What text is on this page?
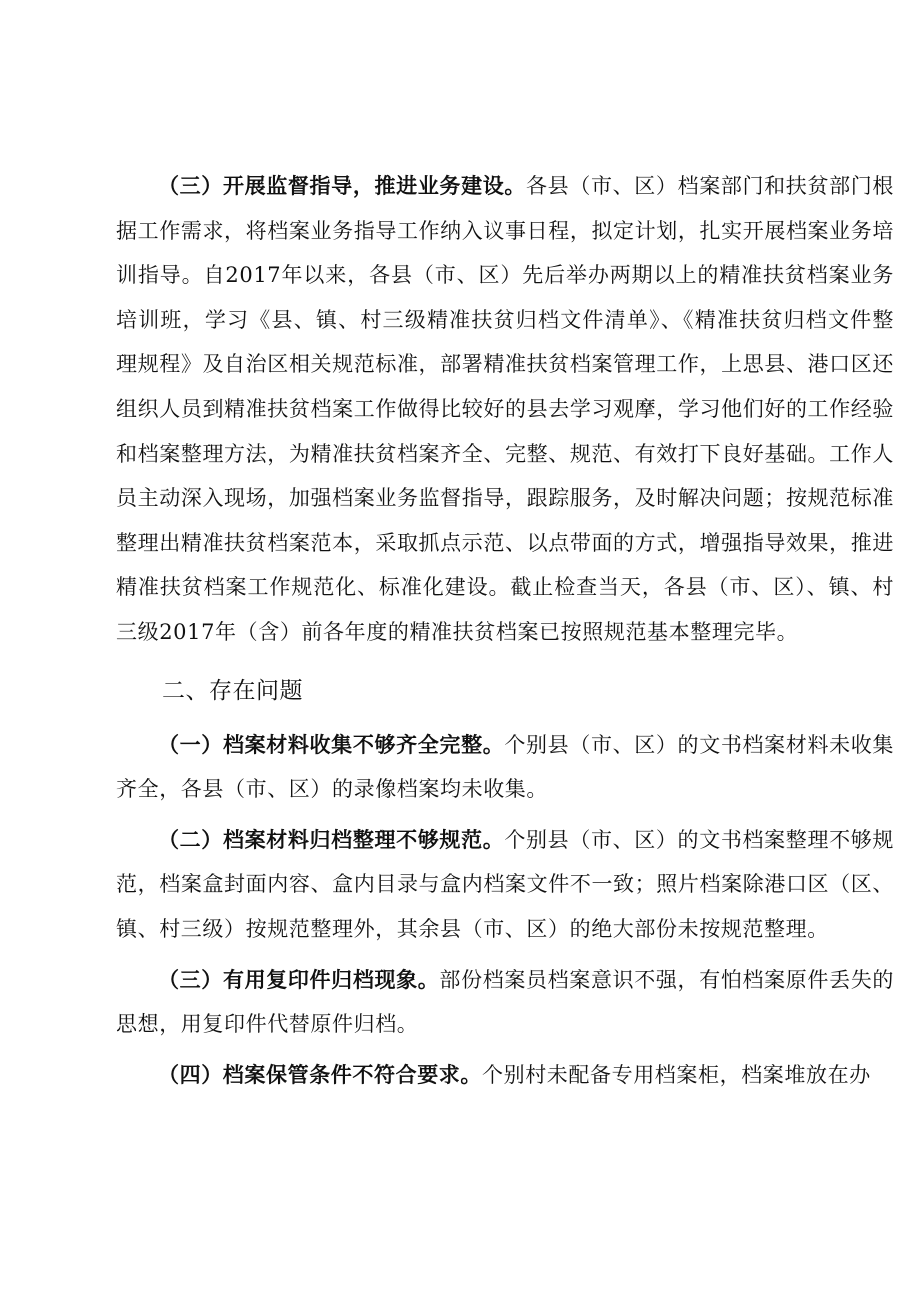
（三）开展监督指导，推进业务建设。各县（市、区）档案部门和扶贫部门根据工作需求，将档案业务指导工作纳入议事日程，拟定计划，扎实开展档案业务培训指导。自2017年以来，各县（市、区）先后举办两期以上的精准扶贫档案业务培训班，学习《县、镇、村三级精准扶贫归档文件清单》、《精准扶贫归档文件整理规程》及自治区相关规范标准，部署精准扶贫档案管理工作，上思县、港口区还组织人员到精准扶贫档案工作做得比较好的县去学习观摩，学习他们好的工作经验和档案整理方法，为精准扶贫档案齐全、完整、规范、有效打下良好基础。工作人员主动深入现场，加强档案业务监督指导，跟踪服务，及时解决问题；按规范标准整理出精准扶贫档案范本，采取抓点示范、以点带面的方式，增强指导效果，推进精准扶贫档案工作规范化、标准化建设。截止检查当天，各县（市、区）、镇、村三级2017年（含）前各年度的精准扶贫档案已按照规范基本整理完毕。

二、存在问题

（一）档案材料收集不够齐全完整。个别县（市、区）的文书档案材料未收集齐全，各县（市、区）的录像档案均未收集。

（二）档案材料归档整理不够规范。个别县（市、区）的文书档案整理不够规范，档案盒封面内容、盒内目录与盒内档案文件不一致；照片档案除港口区（区、镇、村三级）按规范整理外，其余县（市、区）的绝大部份未按规范整理。

（三）有用复印件归档现象。部份档案员档案意识不强，有怕档案原件丢失的思想，用复印件代替原件归档。

（四）档案保管条件不符合要求。个别村未配备专用档案柜，档案堆放在办
